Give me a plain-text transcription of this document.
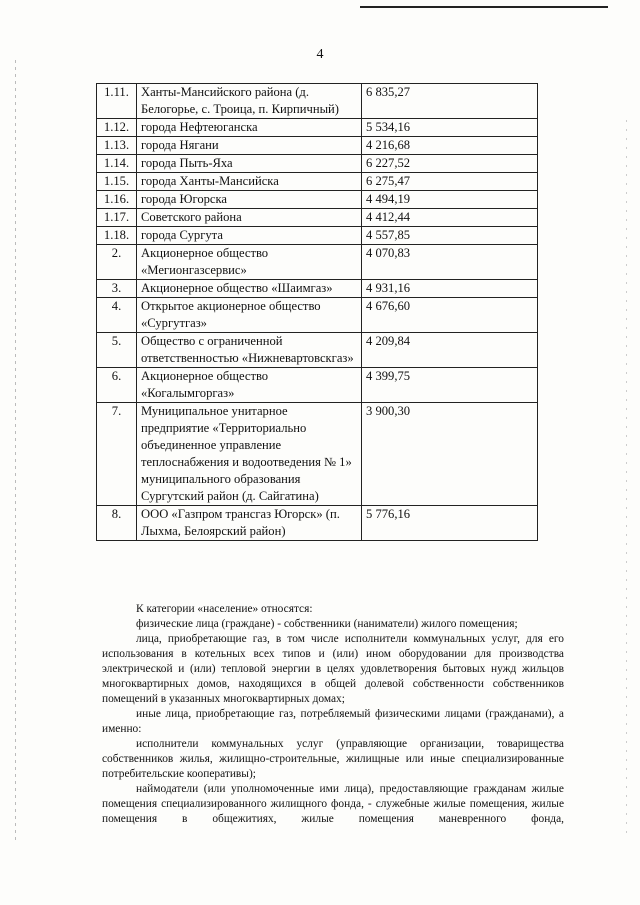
4
1.11.	Ханты-Мансийского района (д. Белогорье, с. Троица, п. Кирпичный)	6 835,27
1.12.	города Нефтеюганска	5 534,16
1.13.	города Нягани	4 216,68
1.14.	города Пыть-Яха	6 227,52
1.15.	города Ханты-Мансийска	6 275,47
1.16.	города Югорска	4 494,19
1.17.	Советского района	4 412,44
1.18.	города Сургута	4 557,85
2.	Акционерное общество «Мегионгазсервис»	4 070,83
3.	Акционерное общество «Шаимгаз»	4 931,16
4.	Открытое акционерное общество «Сургутгаз»	4 676,60
5.	Общество с ограниченной ответственностью «Нижневартовскгаз»	4 209,84
6.	Акционерное общество «Когалымгоргаз»	4 399,75
7.	Муниципальное унитарное предприятие «Территориально объединенное управление теплоснабжения и водоотведения № 1» муниципального образования Сургутский район (д. Сайгатина)	3 900,30
8.	ООО «Газпром трансгаз Югорск» (п. Лыхма, Белоярский район)	5 776,16

К категории «население» относятся:

физические лица (граждане) - собственники (наниматели) жилого помещения;

лица, приобретающие газ, в том числе исполнители коммунальных услуг, для его использования в котельных всех типов и (или) ином оборудовании для производства электрической и (или) тепловой энергии в целях удовлетворения бытовых нужд жильцов многоквартирных домов, находящихся в общей долевой собственности собственников помещений в указанных многоквартирных домах;

иные лица, приобретающие газ, потребляемый физическими лицами (гражданами), а именно:

исполнители коммунальных услуг (управляющие организации, товарищества собственников жилья, жилищно-строительные, жилищные или иные специализированные потребительские кооперативы);

наймодатели (или уполномоченные ими лица), предоставляющие гражданам жилые помещения специализированного жилищного фонда, - служебные жилые помещения, жилые помещения в общежитиях, жилые помещения маневренного фонда,
